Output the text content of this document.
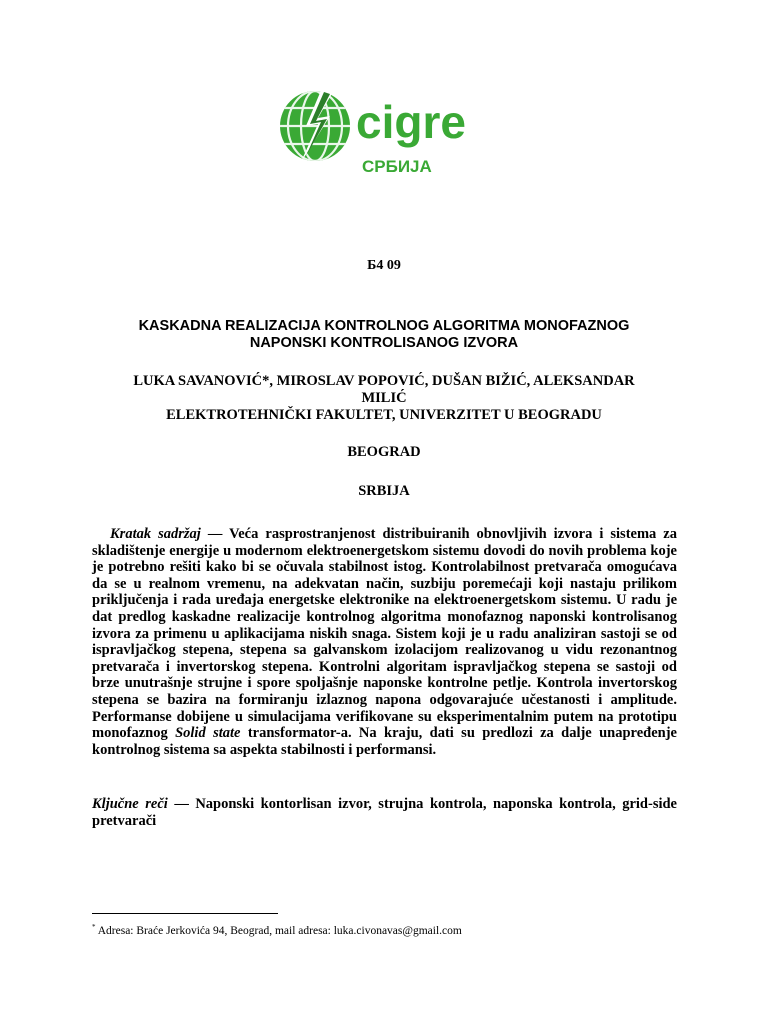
cigre
СРБИЈА
Б4 09
KASKADNA REALIZACIJA KONTROLNOG ALGORITMA MONOFAZNOG
NAPONSKI KONTROLISANOG IZVORA
LUKA SAVANOVIĆ*, MIROSLAV POPOVIĆ, DUŠAN BIŽIĆ, ALEKSANDAR
MILIĆ
ELEKTROTEHNIČKI FAKULTET, UNIVERZITET U BEOGRADU
BEOGRAD
SRBIJA

Kratak sadržaj — Veća rasprostranjenost distribuiranih obnovljivih izvora i sistema za skladištenje energije u modernom elektroenergetskom sistemu dovodi do novih problema koje je potrebno rešiti kako bi se očuvala stabilnost istog. Kontrolabilnost pretvarača omogućava da se u realnom vremenu, na adekvatan način, suzbiju poremećaji koji nastaju prilikom priključenja i rada uređaja energetske elektronike na elektroenergetskom sistemu. U radu je dat predlog kaskadne realizacije kontrolnog algoritma monofaznog naponski kontrolisanog izvora za primenu u aplikacijama niskih snaga. Sistem koji je u radu analiziran sastoji se od ispravljačkog stepena, stepena sa galvanskom izolacijom realizovanog u vidu rezonantnog pretvarača i invertorskog stepena. Kontrolni algoritam ispravljačkog stepena se sastoji od brze unutrašnje strujne i spore spoljašnje naponske kontrolne petlje. Kontrola invertorskog stepena se bazira na formiranju izlaznog napona odgovarajuće učestanosti i amplitude. Performanse dobijene u simulacijama verifikovane su eksperimentalnim putem na prototipu monofaznog Solid state transformator-a. Na kraju, dati su predlozi za dalje unapređenje kontrolnog sistema sa aspekta stabilnosti i performansi.

Ključne reči — Naponski kontorlisan izvor, strujna kontrola, naponska kontrola, grid-side pretvarači

* Adresa: Braće Jerkovića 94, Beograd, mail adresa: luka.civonavas@gmail.com
